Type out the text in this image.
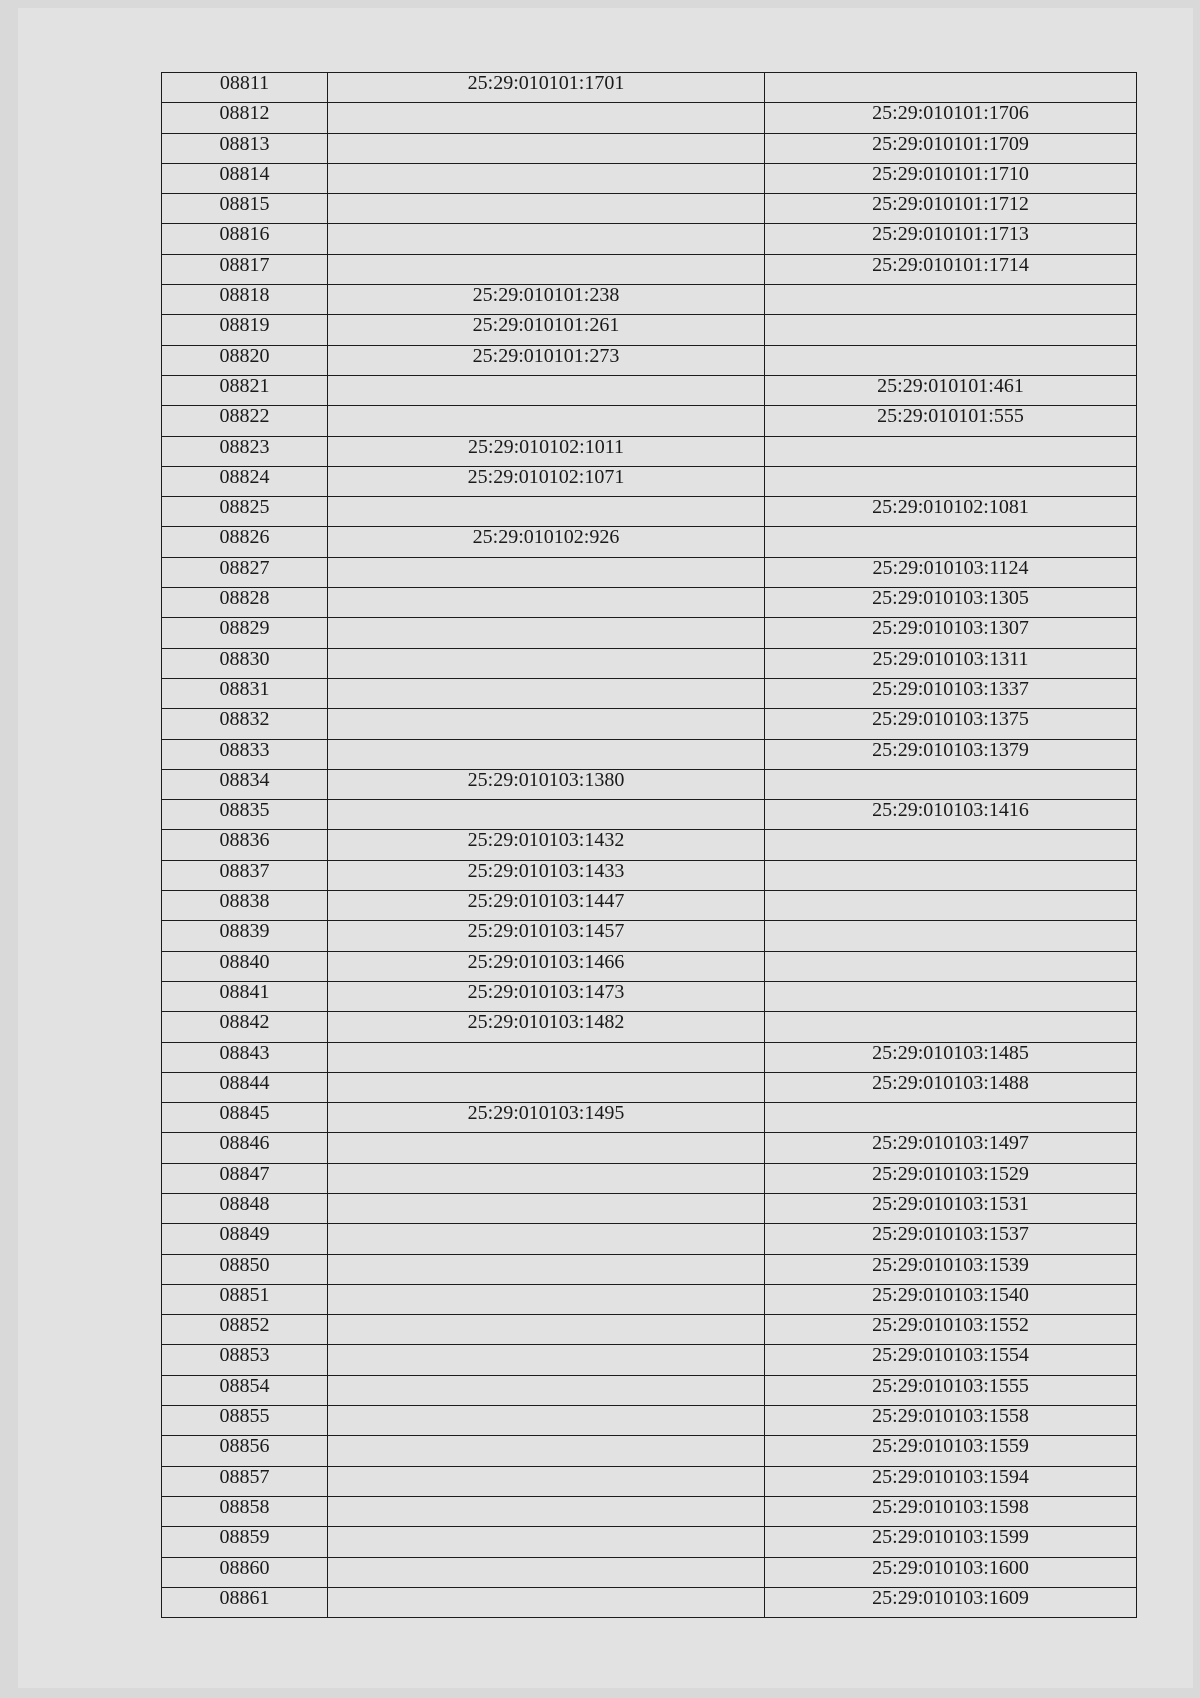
08811	25:29:010101:1701	
08812		25:29:010101:1706
08813		25:29:010101:1709
08814		25:29:010101:1710
08815		25:29:010101:1712
08816		25:29:010101:1713
08817		25:29:010101:1714
08818	25:29:010101:238	
08819	25:29:010101:261	
08820	25:29:010101:273	
08821		25:29:010101:461
08822		25:29:010101:555
08823	25:29:010102:1011	
08824	25:29:010102:1071	
08825		25:29:010102:1081
08826	25:29:010102:926	
08827		25:29:010103:1124
08828		25:29:010103:1305
08829		25:29:010103:1307
08830		25:29:010103:1311
08831		25:29:010103:1337
08832		25:29:010103:1375
08833		25:29:010103:1379
08834	25:29:010103:1380	
08835		25:29:010103:1416
08836	25:29:010103:1432	
08837	25:29:010103:1433	
08838	25:29:010103:1447	
08839	25:29:010103:1457	
08840	25:29:010103:1466	
08841	25:29:010103:1473	
08842	25:29:010103:1482	
08843		25:29:010103:1485
08844		25:29:010103:1488
08845	25:29:010103:1495	
08846		25:29:010103:1497
08847		25:29:010103:1529
08848		25:29:010103:1531
08849		25:29:010103:1537
08850		25:29:010103:1539
08851		25:29:010103:1540
08852		25:29:010103:1552
08853		25:29:010103:1554
08854		25:29:010103:1555
08855		25:29:010103:1558
08856		25:29:010103:1559
08857		25:29:010103:1594
08858		25:29:010103:1598
08859		25:29:010103:1599
08860		25:29:010103:1600
08861		25:29:010103:1609
